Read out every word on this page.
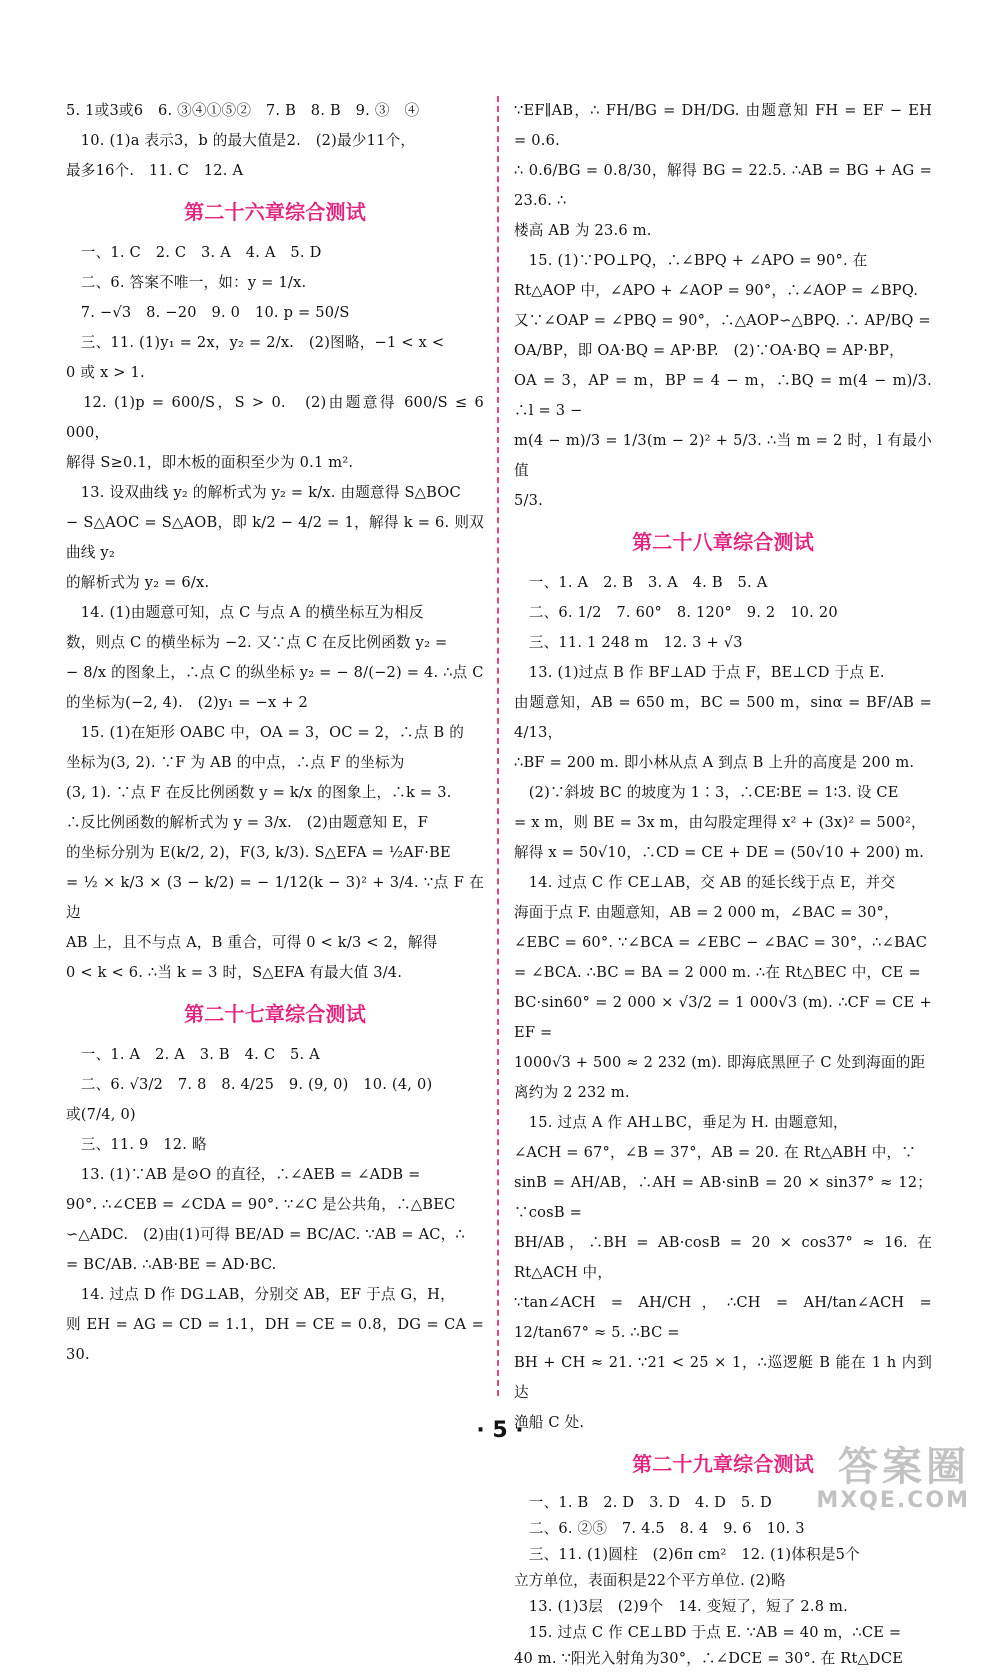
5. 1或3或6　6. ③④①⑤②　7. B　8. B　9. ③　④

　10. (1)a 表示3，b 的最大值是2.　(2)最少11个，

最多16个.　11. C　12. A

第二十六章综合测试

　一、1. C　2. C　3. A　4. A　5. D

　二、6. 答案不唯一，如：y = 1/x.

　7. −√3　8. −20　9. 0　10. p = 50/S

　三、11. (1)y₁ = 2x，y₂ = 2/x.　(2)图略，−1 < x <

0 或 x > 1.

　12. (1)p = 600/S，S > 0.　(2)由题意得 600/S ≤ 6 000，

解得 S≥0.1，即木板的面积至少为 0.1 m².

　13. 设双曲线 y₂ 的解析式为 y₂ = k/x. 由题意得 S△BOC

− S△AOC = S△AOB，即 k/2 − 4/2 = 1，解得 k = 6. 则双曲线 y₂

的解析式为 y₂ = 6/x.

　14. (1)由题意可知，点 C 与点 A 的横坐标互为相反

数，则点 C 的横坐标为 −2. 又∵点 C 在反比例函数 y₂ =

− 8/x 的图象上，∴点 C 的纵坐标 y₂ = − 8/(−2) = 4. ∴点 C

的坐标为(−2, 4).　(2)y₁ = −x + 2

　15. (1)在矩形 OABC 中，OA = 3，OC = 2，∴点 B 的

坐标为(3, 2). ∵F 为 AB 的中点，∴点 F 的坐标为

(3, 1). ∵点 F 在反比例函数 y = k/x 的图象上，∴k = 3.

∴反比例函数的解析式为 y = 3/x.　(2)由题意知 E，F

的坐标分别为 E(k/2, 2)，F(3, k/3). S△EFA = ½AF·BE

= ½ × k/3 × (3 − k/2) = − 1/12(k − 3)² + 3/4. ∵点 F 在边

AB 上，且不与点 A，B 重合，可得 0 < k/3 < 2，解得

0 < k < 6. ∴当 k = 3 时，S△EFA 有最大值 3/4.

第二十七章综合测试

　一、1. A　2. A　3. B　4. C　5. A

　二、6. √3/2　7. 8　8. 4/25　9. (9, 0)　10. (4, 0)

或(7/4, 0)

　三、11. 9　12. 略

　13. (1)∵AB 是⊙O 的直径，∴∠AEB = ∠ADB =

90°. ∴∠CEB = ∠CDA = 90°. ∵∠C 是公共角，∴△BEC

∽△ADC.　(2)由(1)可得 BE/AD = BC/AC. ∵AB = AC，∴

= BC/AB. ∴AB·BE = AD·BC.

　14. 过点 D 作 DG⊥AB，分别交 AB，EF 于点 G，H，

则 EH = AG = CD = 1.1，DH = CE = 0.8，DG = CA = 30.

∵EF∥AB，∴ FH/BG = DH/DG. 由题意知 FH = EF − EH = 0.6.

∴ 0.6/BG = 0.8/30，解得 BG = 22.5. ∴AB = BG + AG = 23.6. ∴

楼高 AB 为 23.6 m.

　15. (1)∵PO⊥PQ，∴∠BPQ + ∠APO = 90°. 在

Rt△AOP 中，∠APO + ∠AOP = 90°，∴∠AOP = ∠BPQ.

又∵∠OAP = ∠PBQ = 90°，∴△AOP∽△BPQ. ∴ AP/BQ =

OA/BP，即 OA·BQ = AP·BP.　(2)∵OA·BQ = AP·BP，

OA = 3，AP = m，BP = 4 − m，∴BQ = m(4 − m)/3. ∴l = 3 −

m(4 − m)/3 = 1/3(m − 2)² + 5/3. ∴当 m = 2 时，l 有最小值

5/3.

第二十八章综合测试

　一、1. A　2. B　3. A　4. B　5. A

　二、6. 1/2　7. 60°　8. 120°　9. 2　10. 20

　三、11. 1 248 m　12. 3 + √3

　13. (1)过点 B 作 BF⊥AD 于点 F，BE⊥CD 于点 E.

由题意知，AB = 650 m，BC = 500 m，sinα = BF/AB = 4/13，

∴BF = 200 m. 即小林从点 A 到点 B 上升的高度是 200 m.

　(2)∵斜坡 BC 的坡度为 1∶3，∴CE∶BE = 1∶3. 设 CE

= x m，则 BE = 3x m，由勾股定理得 x² + (3x)² = 500²，

解得 x = 50√10，∴CD = CE + DE = (50√10 + 200) m.

　14. 过点 C 作 CE⊥AB，交 AB 的延长线于点 E，并交

海面于点 F. 由题意知，AB = 2 000 m，∠BAC = 30°，

∠EBC = 60°. ∵∠BCA = ∠EBC − ∠BAC = 30°，∴∠BAC

= ∠BCA. ∴BC = BA = 2 000 m. ∴在 Rt△BEC 中，CE =

BC·sin60° = 2 000 × √3/2 = 1 000√3 (m). ∴CF = CE + EF =

1000√3 + 500 ≈ 2 232 (m). 即海底黑匣子 C 处到海面的距

离约为 2 232 m.

　15. 过点 A 作 AH⊥BC，垂足为 H. 由题意知，

∠ACH = 67°，∠B = 37°，AB = 20. 在 Rt△ABH 中，∵

sinB = AH/AB，∴AH = AB·sinB = 20 × sin37° ≈ 12；∵cosB =

BH/AB，∴BH = AB·cosB = 20 × cos37° ≈ 16. 在 Rt△ACH 中，

∵tan∠ACH = AH/CH，∴CH = AH/tan∠ACH = 12/tan67° ≈ 5. ∴BC =

BH + CH ≈ 21. ∵21 < 25 × 1，∴巡逻艇 B 能在 1 h 内到达

渔船 C 处.

第二十九章综合测试

　一、1. B　2. D　3. D　4. D　5. D

　二、6. ②⑤　7. 4.5　8. 4　9. 6　10. 3

　三、11. (1)圆柱　(2)6π cm²　12. (1)体积是5个

立方单位，表面积是22个平方单位. (2)略

　13. (1)3层　(2)9个　14. 变短了，短了 2.8 m.

　15. 过点 C 作 CE⊥BD 于点 E. ∵AB = 40 m，∴CE =

40 m. ∵阳光入射角为30°，∴∠DCE = 30°. 在 Rt△DCE

· 5 ·
答案圈
MXQE.COM
